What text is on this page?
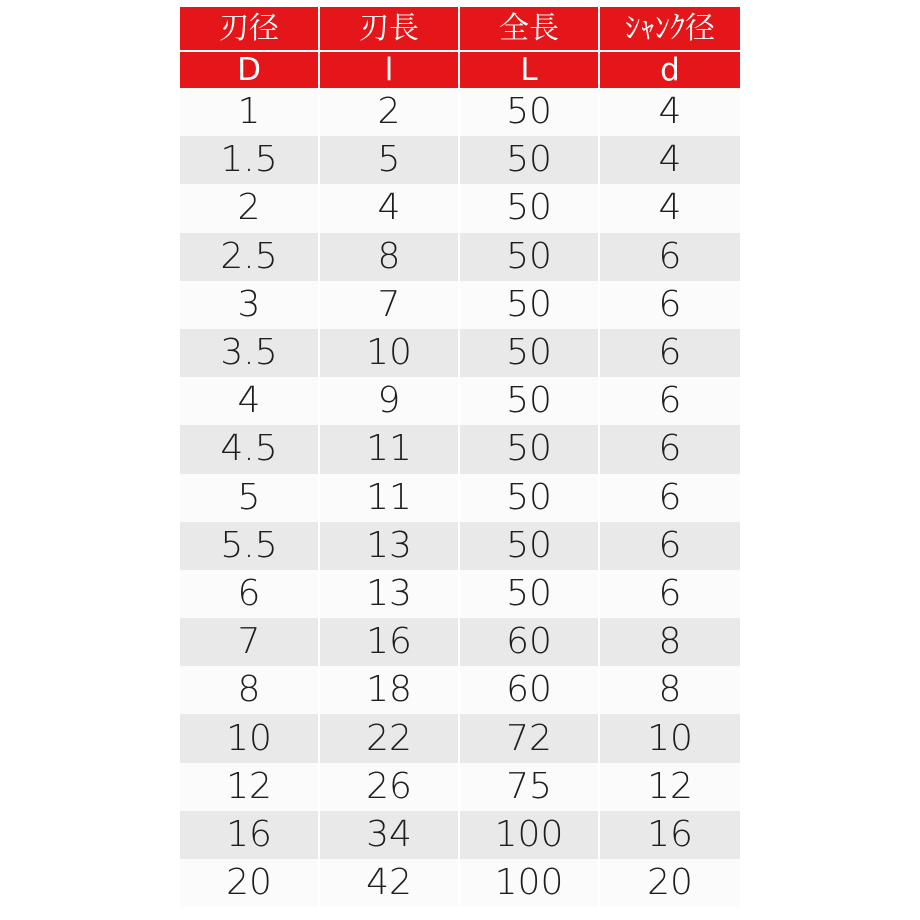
刃径	刃長	全長	ｼｬﾝｸ径
D	l	L	d
1	2	50	4
1.5	5	50	4
2	4	50	4
2.5	8	50	6
3	7	50	6
3.5	10	50	6
4	9	50	6
4.5	11	50	6
5	11	50	6
5.5	13	50	6
6	13	50	6
7	16	60	8
8	18	60	8
10	22	72	10
12	26	75	12
16	34	100	16
20	42	100	20
